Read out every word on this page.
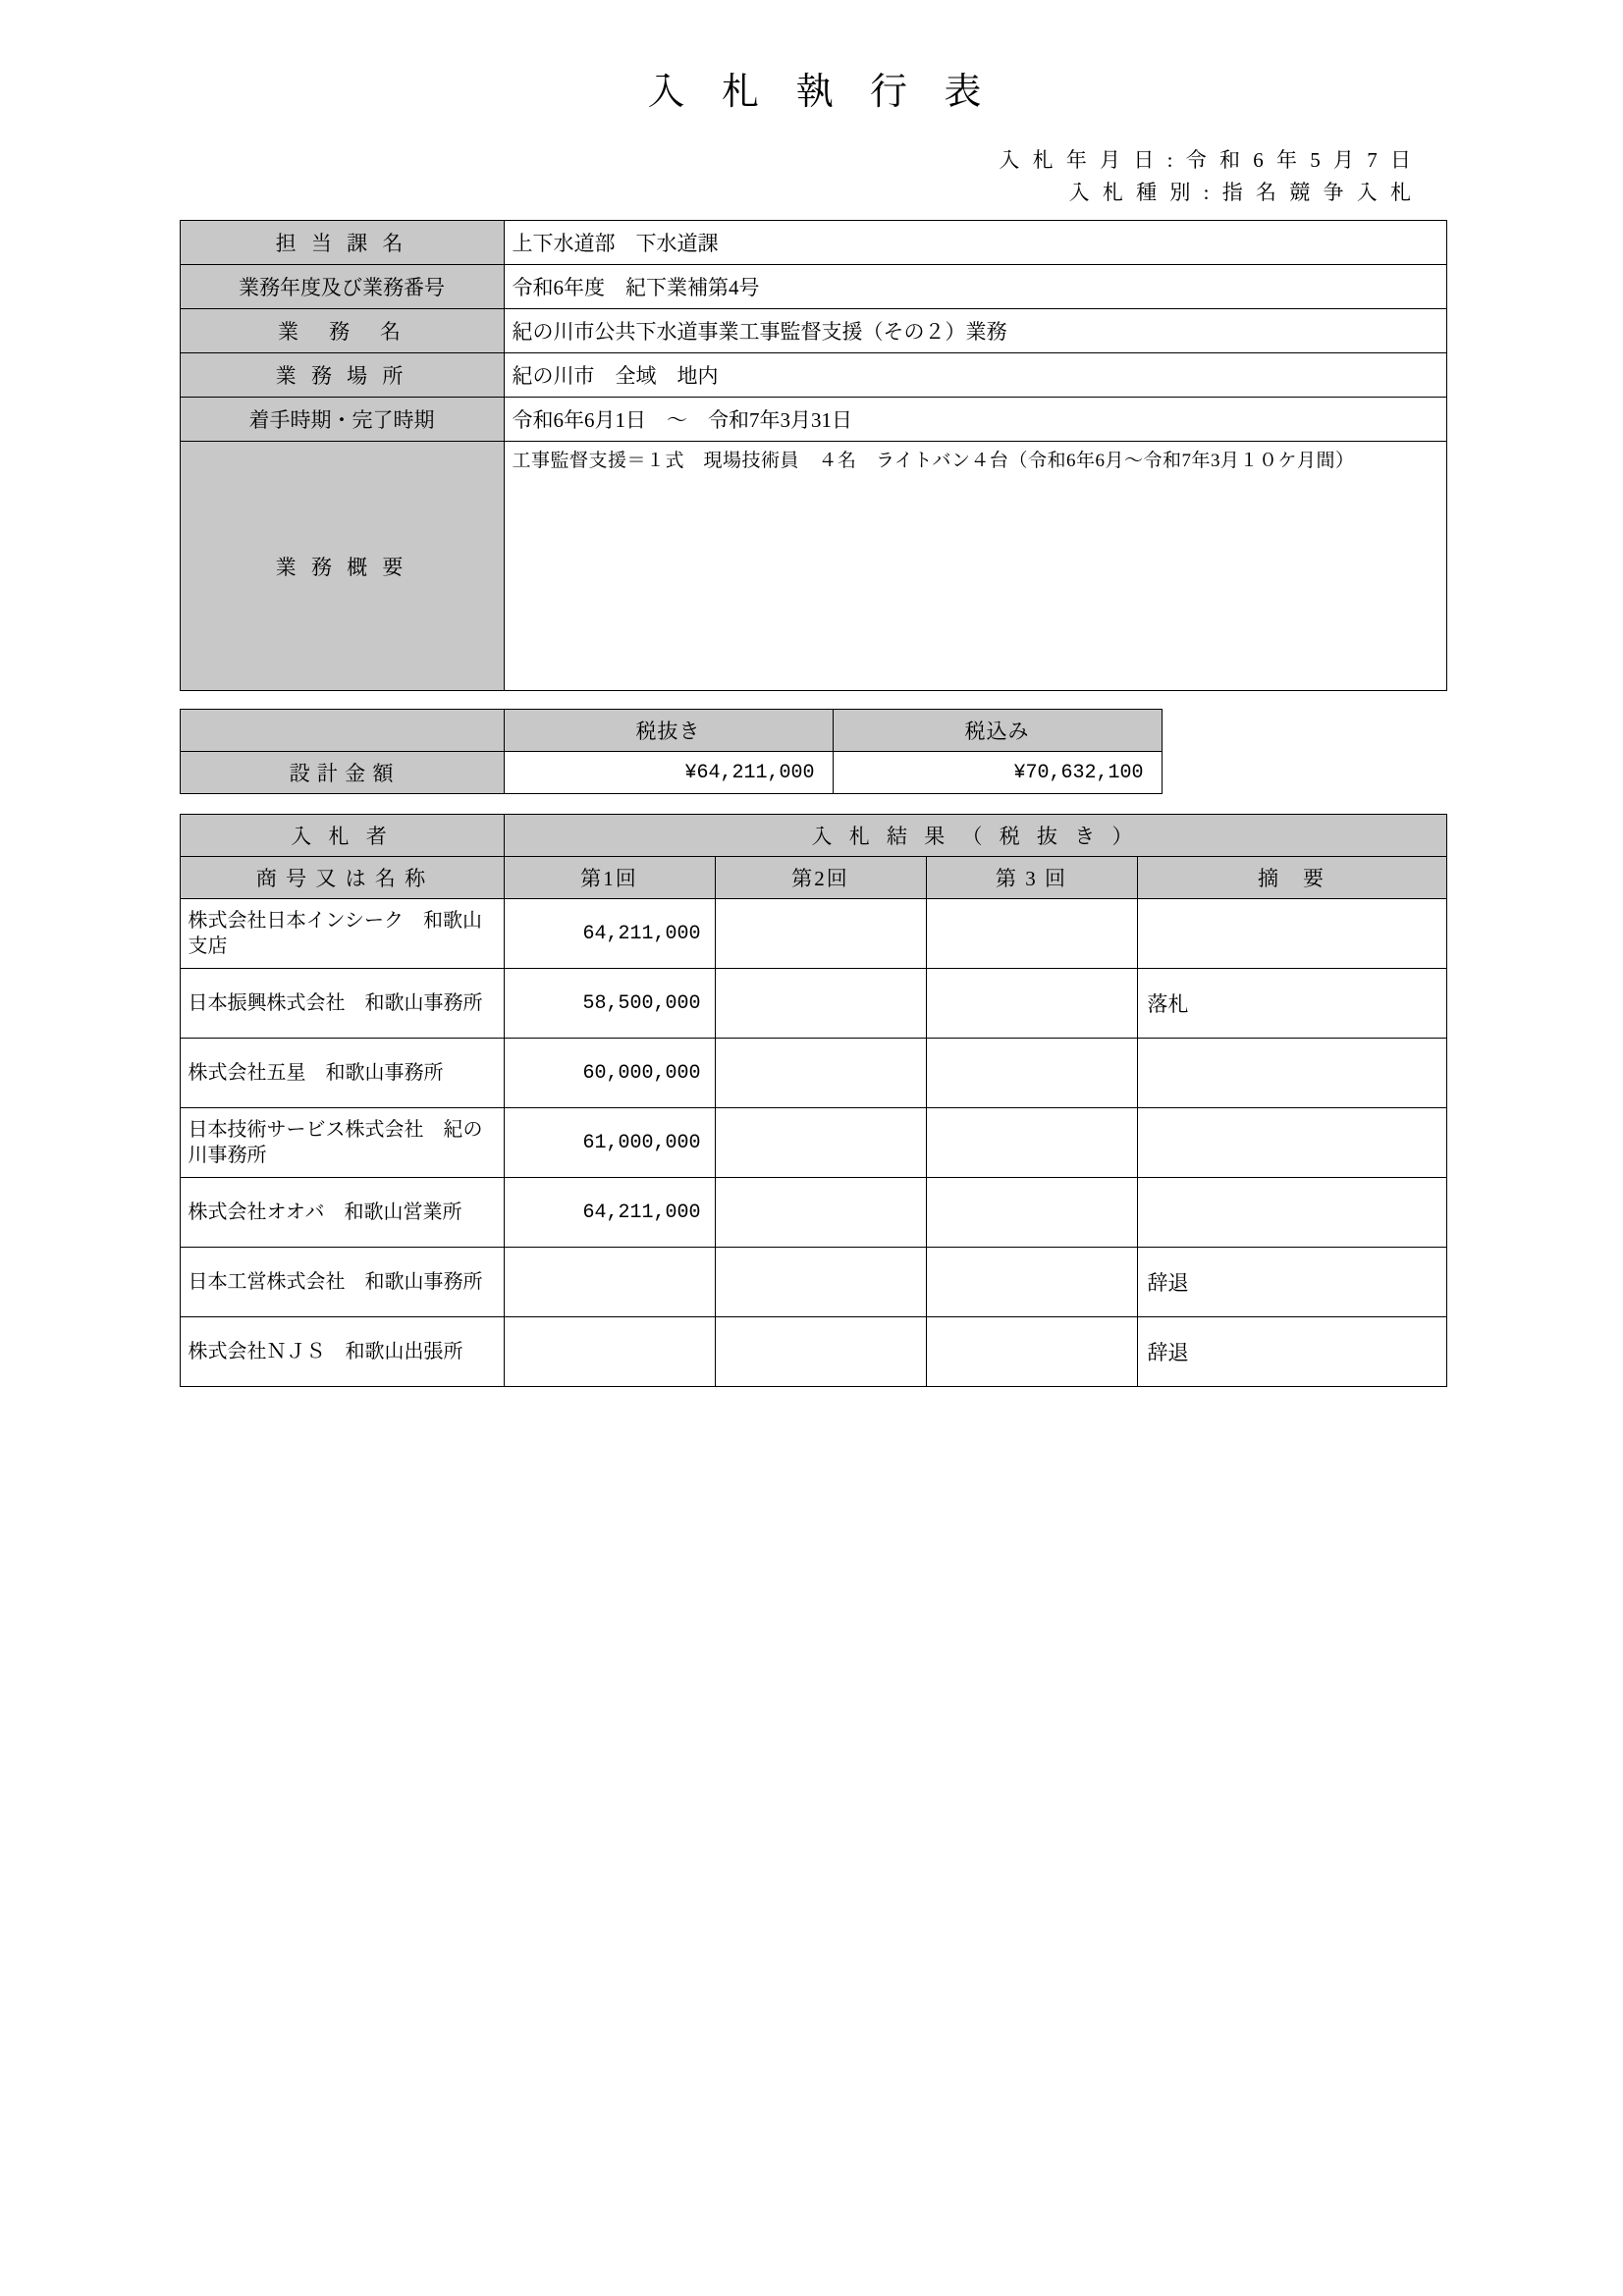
入 札 執 行 表
入 札 年 月 日 : 令 和 6 年 5 月 7 日
入 札 種 別 : 指 名 競 争 入 札
担 当 課 名	上下水道部　下水道課
業務年度及び業務番号	令和6年度　紀下業補第4号
業　務　名	紀の川市公共下水道事業工事監督支援（その２）業務
業 務 場 所	紀の川市　全域　地内
着手時期・完了時期	令和6年6月1日　〜　令和7年3月31日
業 務 概 要	工事監督支援＝１式　現場技術員　４名　ライトバン４台（令和6年6月〜令和7年3月１０ケ月間）
	税抜き	税込み
設 計 金 額	¥64,211,000	¥70,632,100
入 札 者	入 札 結 果 （ 税 抜 き ）			
商 号 又 は 名 称	第1回	第2回	第 3 回	摘　要
株式会社日本インシーク　和歌山支店	64,211,000			
日本振興株式会社　和歌山事務所	58,500,000			落札
株式会社五星　和歌山事務所	60,000,000			
日本技術サービス株式会社　紀の川事務所	61,000,000			
株式会社オオバ　和歌山営業所	64,211,000			
日本工営株式会社　和歌山事務所				辞退
株式会社ＮＪＳ　和歌山出張所				辞退
